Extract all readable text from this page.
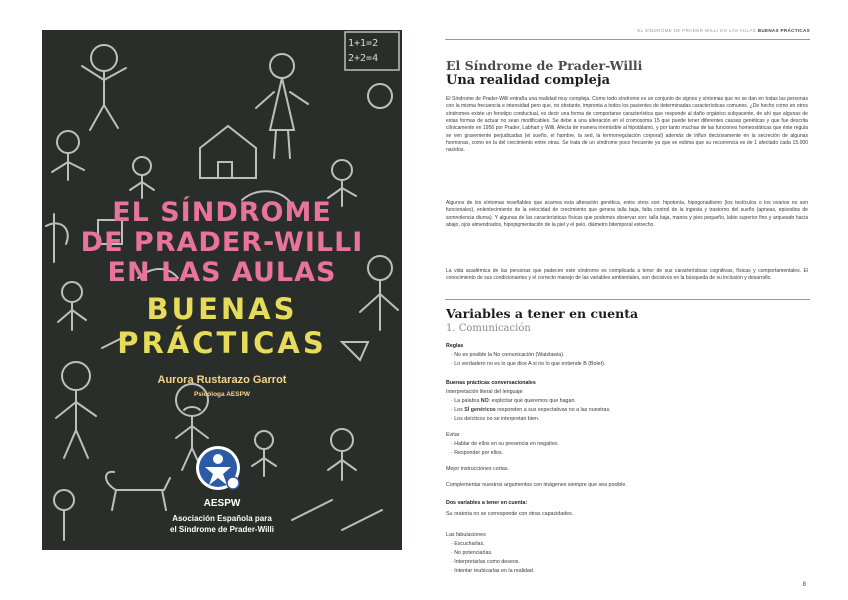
1+1=2
2+2=4
EL SÍNDROME
DE PRADER-WILLI
EN LAS AULAS
BUENAS
PRÁCTICAS
Aurora Rustarazo Garrot
Psicóloga AESPW
AESPW
Asociación Española para
el Síndrome de Prader-Willi
EL SÍNDROME DE PRADER-WILLI EN LAS AULAS BUENAS PRÁCTICAS
El Síndrome de Prader-Willi
Una realidad compleja
El Síndrome de Prader-Willi entraña una realidad muy compleja. Como todo síndrome es un conjunto de signos y síntomas que no se dan en todas las personas con la misma frecuencia e intensidad pero que, no obstante, imprenta a todos los pacientes de determinadas características comunes. ¿De hecho como en otros síndromes existe un fenotipo conductual, es decir una forma de comportarse característica que responde al daño orgánico subyacente, de ahí que algunas de estas formas de actuar no sean modificables. Se debe a una alteración en el cromosoma 15 que puede tener diferentes causas genéticas y que fue descrita clínicamente en 1956 por Prader, Labhart y Willi. Afecta de manera irremisible al hipotálamo, y por tanto muchas de las funciones homeostáticas que éste regula se ven gravemente perjudicadas (el sueño, el hambre, la sed, la termorregulación corporal) además de influir decisivamente en la secreción de algunas hormonas, como en la del crecimiento entre otras. Se trata de un síndrome poco frecuente ya que se estima que su recurrencia es de 1 afectado cada 15.000 nacidos.
Algunos de los síntomas reseñables que acarrea esta alteración genética, entre otros son: hipotonía, hipogonadismo (los testículos o los ovarios no son funcionales), enlentecimiento de la velocidad de crecimiento que genera talla baja, falta control de la ingesta y trastorno del sueño (apneas, episodios de somnolencia diurna). Y algunas de las características físicas que podemos observar son: talla baja, manos y pies pequeño, labio superior fino y arqueado hacia abajo, ojos almendrados, hipopigmentación de la piel y el pelo, diámetro bitemporal estrecho.
La vida académica de las personas que padecen este síndrome es complicada a tenor de sus características cognitivas, físicas y comportamentales. El conocimiento de sus condicionantes y el correcto manejo de las variables ambientales, son decisivos en la búsqueda de su inclusión y desarrollo.
Variables a tener en cuenta
1. Comunicación
Reglas
· No es posible la No comunicación (Watzlawia).
· Lo verdadero no es lo que dice A si no lo que entiende B (Bolet).
Buenas prácticas conversacionales
Interpretación literal del lenguaje
· La palabra NO: explicitar qué queremos que hagan.
· Los SÍ genéricos responden a sus expectativas no a las nuestras.
· Los deícticos no se interpretan bien.
Evitar
· Hablar de ellos en su presencia en negativo.
· Responder por ellos.
Mejor instrucciones cortas.
Complementar nuestros argumentos con imágenes siempre que sea posible.
Dos variables a tener en cuenta:
Su oratoria no se corresponde con otras capacidades.
Las fabulaciones
· Escucharlas.
· No potenciarlas.
· Interpretarlas como deseos.
· Intentar reubicarlas en la realidad.
8
